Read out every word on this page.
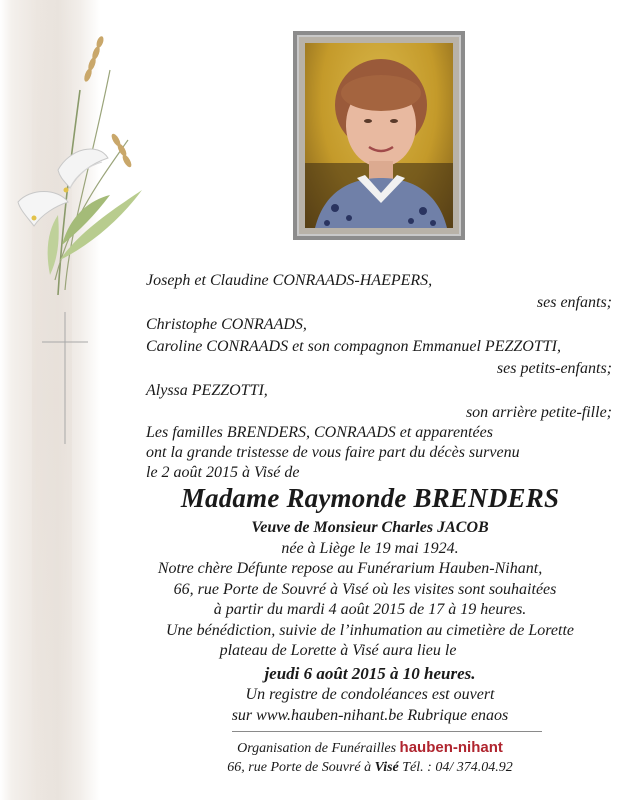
Joseph et Claudine CONRAADS-HAEPERS,
ses enfants;
Christophe CONRAADS,
Caroline CONRAADS et son compagnon Emmanuel PEZZOTTI,
ses petits-enfants;
Alyssa PEZZOTTI,
son arrière petite-fille;
Les familles BRENDERS, CONRAADS et apparentées
ont la grande tristesse de vous faire part du décès survenu
le 2 août 2015 à Visé de
Madame Raymonde BRENDERS
Veuve de Monsieur Charles JACOB
née à Liège le 19 mai 1924.
Notre chère Défunte repose au Funérarium Hauben-Nihant,
66, rue Porte de Souvré à Visé où les visites sont souhaitées
à partir du mardi 4 août 2015 de 17 à 19 heures.
Une bénédiction, suivie de l’inhumation au cimetière de Lorette
plateau de Lorette à Visé aura lieu le
jeudi 6 août 2015 à 10 heures.
Un registre de condoléances est ouvert
sur www.hauben-nihant.be Rubrique enaos
Organisation de Funérailles hauben-nihant
66, rue Porte de Souvré à Visé Tél. : 04/ 374.04.92
